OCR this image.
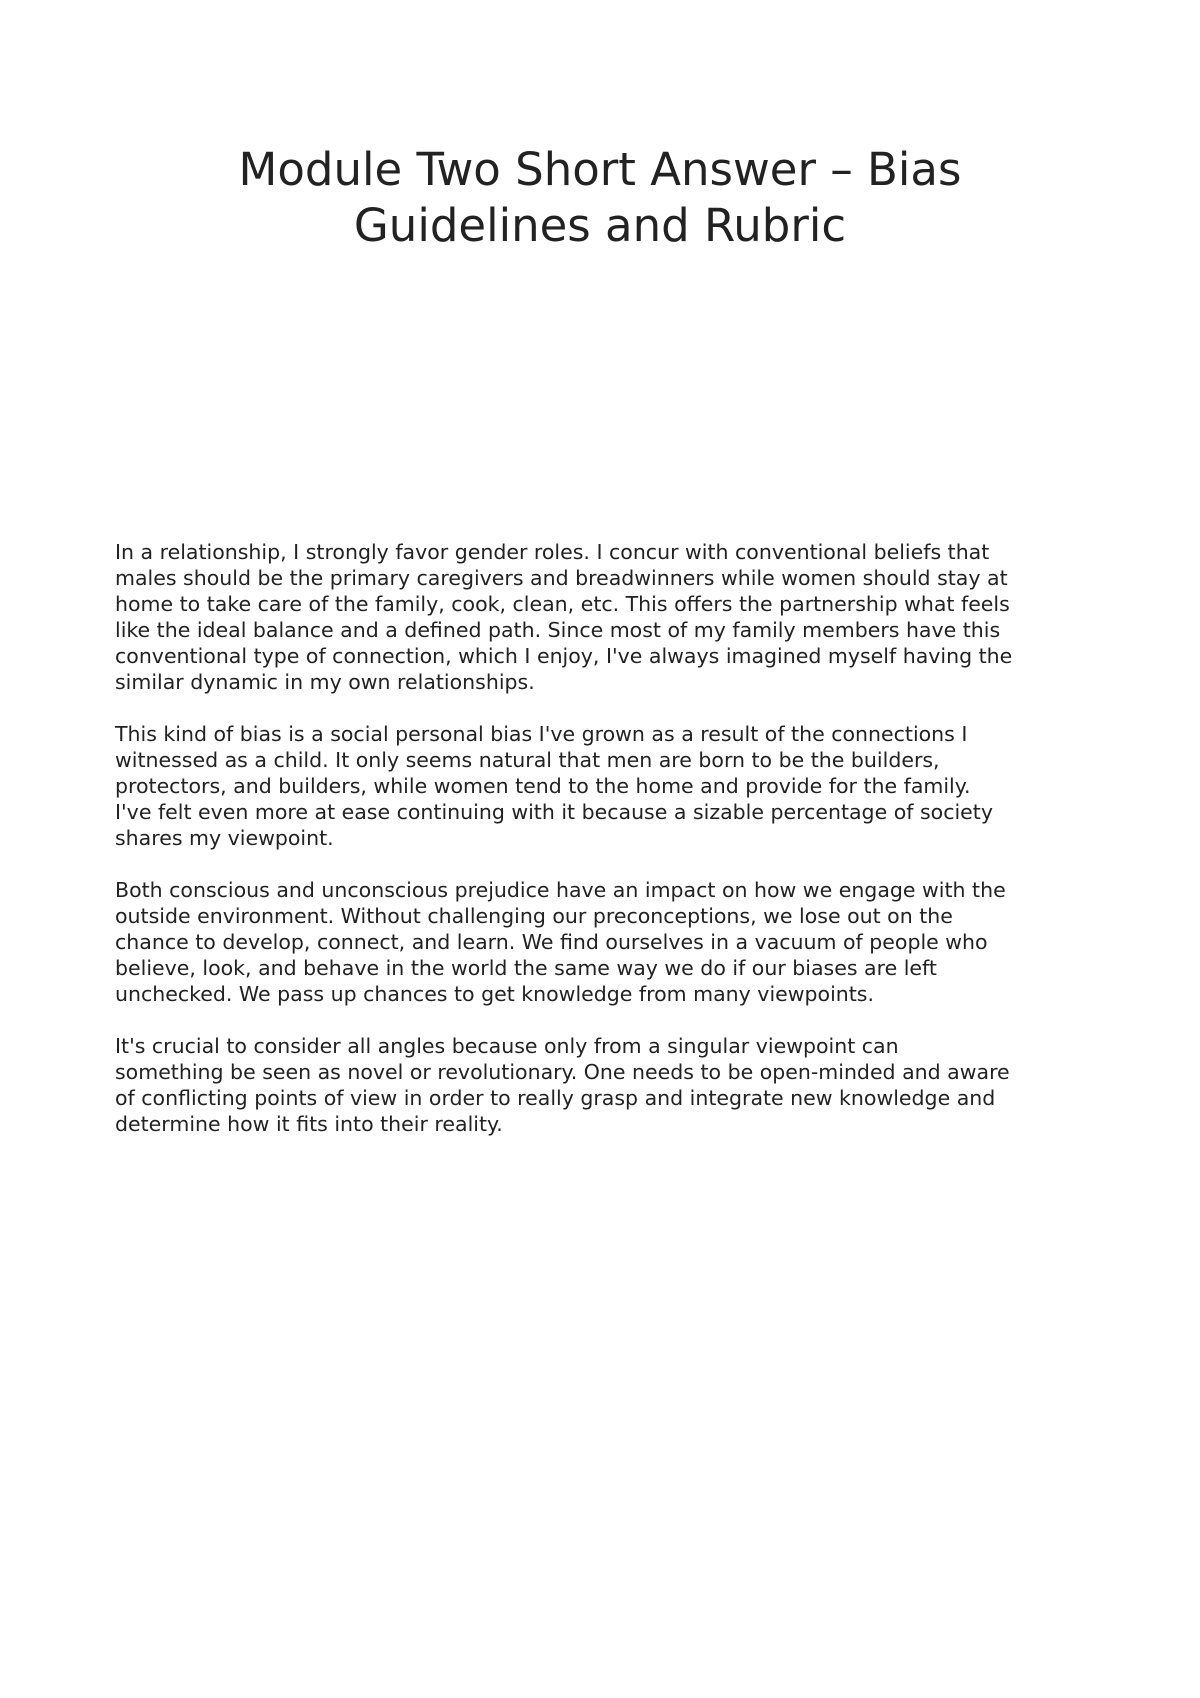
Module Two Short Answer – Bias
Guidelines and Rubric

In a relationship, I strongly favor gender roles. I concur with conventional beliefs that
males should be the primary caregivers and breadwinners while women should stay at
home to take care of the family, cook, clean, etc. This offers the partnership what feels
like the ideal balance and a defined path. Since most of my family members have this
conventional type of connection, which I enjoy, I've always imagined myself having the
similar dynamic in my own relationships.

This kind of bias is a social personal bias I've grown as a result of the connections I
witnessed as a child. It only seems natural that men are born to be the builders,
protectors, and builders, while women tend to the home and provide for the family.
I've felt even more at ease continuing with it because a sizable percentage of society
shares my viewpoint.

Both conscious and unconscious prejudice have an impact on how we engage with the
outside environment. Without challenging our preconceptions, we lose out on the
chance to develop, connect, and learn. We find ourselves in a vacuum of people who
believe, look, and behave in the world the same way we do if our biases are left
unchecked. We pass up chances to get knowledge from many viewpoints.

It's crucial to consider all angles because only from a singular viewpoint can
something be seen as novel or revolutionary. One needs to be open-minded and aware
of conflicting points of view in order to really grasp and integrate new knowledge and
determine how it fits into their reality.
